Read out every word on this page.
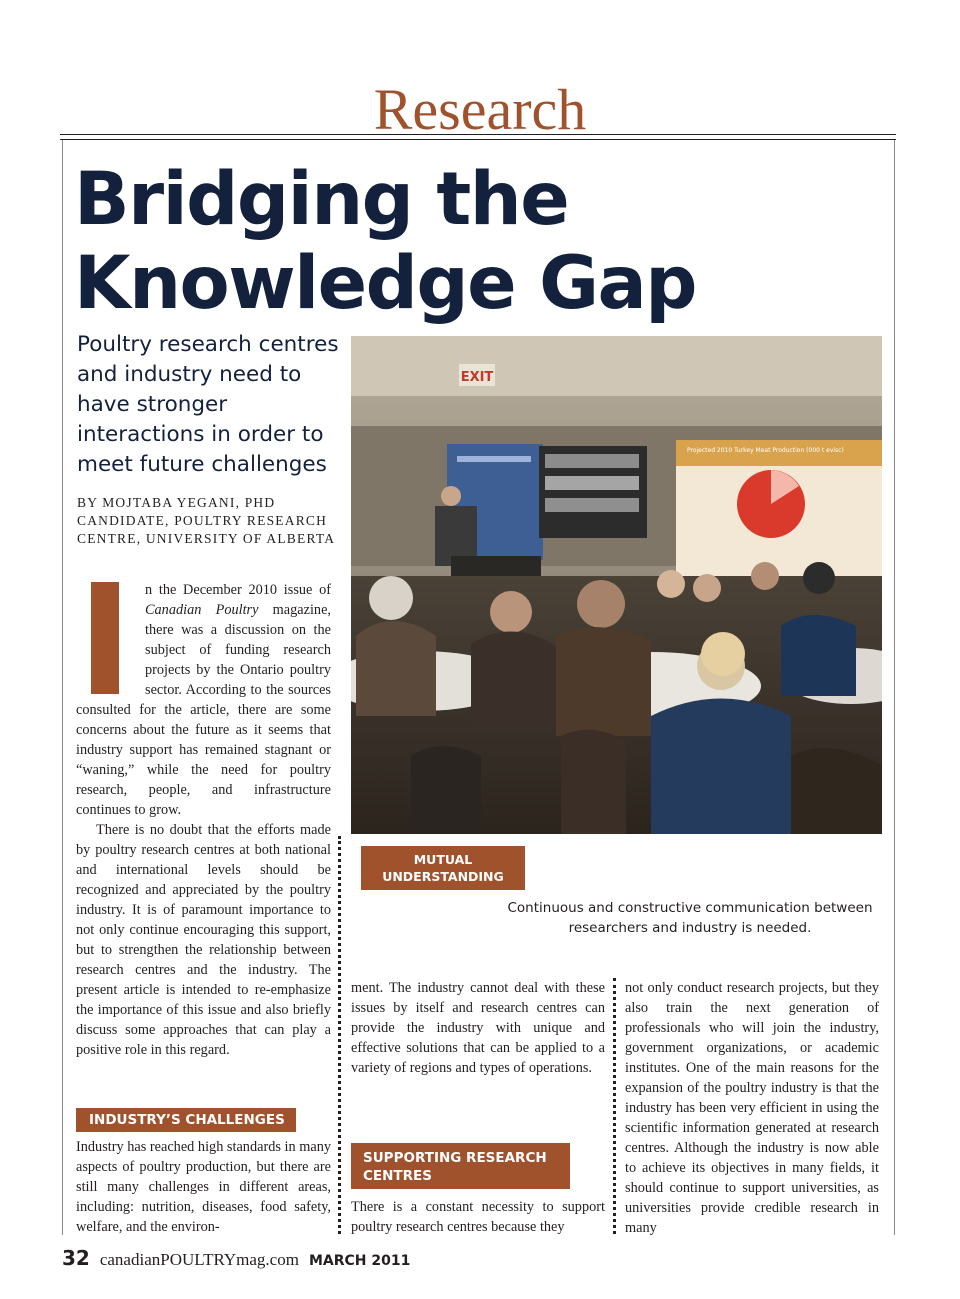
Research
Bridging the
Knowledge Gap
Poultry research centres
and industry need to
have stronger
interactions in order to
meet future challenges
BY MOJTABA YEGANI, PHD
CANDIDATE, POULTRY RESEARCH
CENTRE, UNIVERSITY OF ALBERTA
EXIT
Projected 2010 Turkey Meat Production (000 t evisc)

n the December 2010 issue of Canadian Poultry magazine, there was a discussion on the subject of funding research projects by the Ontario poultry sector. According to the sources consulted for the article, there are some concerns about the future as it seems that industry support has remained stagnant or “waning,” while the need for poultry research, people, and infrastructure continues to grow.

There is no doubt that the efforts made by poultry research centres at both national and international levels should be recognized and appreciated by the poultry industry. It is of paramount importance to not only continue encouraging this support, but to strengthen the relationship between research centres and the industry. The present article is intended to re-emphasize the importance of this issue and also briefly discuss some approaches that can play a positive role in this regard.

MUTUAL
UNDERSTANDING
Continuous and constructive communication between
researchers and industry is needed.

ment. The industry cannot deal with these issues by itself and research centres can provide the industry with unique and effective solutions that can be applied to a variety of regions and types of operations.

not only conduct research projects, but they also train the next generation of professionals who will join the industry, government organizations, or academic institutes. One of the main reasons for the expansion of the poultry industry is that the industry has been very efficient in using the scientific information generated at research centres. Although the industry is now able to achieve its objectives in many fields, it should continue to support universities, as universities provide credible research in many

INDUSTRY’S CHALLENGES

Industry has reached high standards in many aspects of poultry production, but there are still many challenges in different areas, including: nutrition, diseases, food safety, welfare, and the environ-

SUPPORTING RESEARCH
CENTRES

There is a constant necessity to support poultry research centres because they

32 canadianPOULTRYmag.com MARCH 2011
